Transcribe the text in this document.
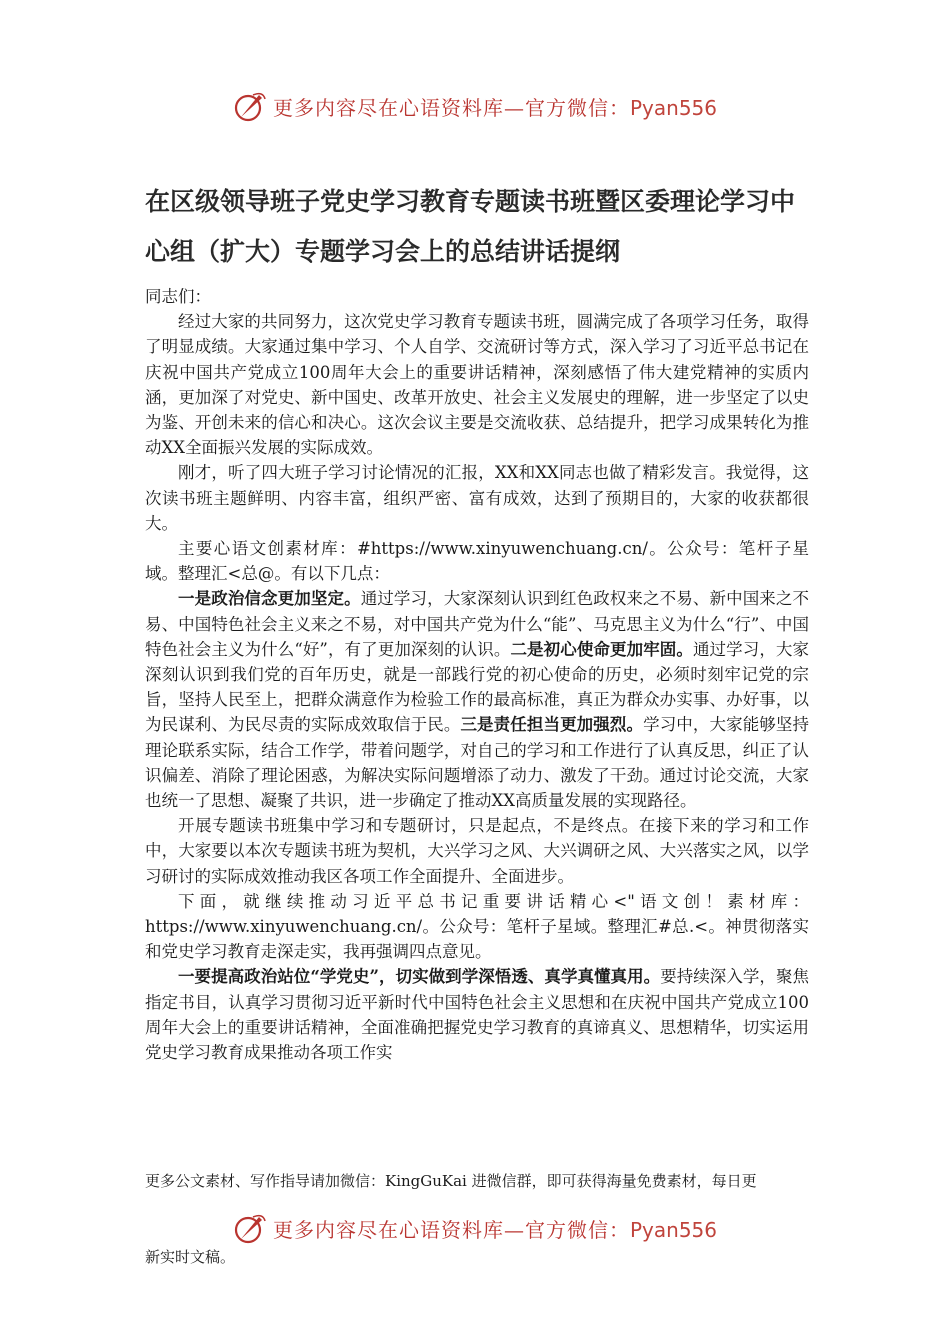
更多内容尽在心语资料库—官方微信：Pyan556
在区级领导班子党史学习教育专题读书班暨区委理论学习中心组（扩大）专题学习会上的总结讲话提纲

同志们：

经过大家的共同努力，这次党史学习教育专题读书班，圆满完成了各项学习任务，取得了明显成绩。大家通过集中学习、个人自学、交流研讨等方式，深入学习了习近平总书记在庆祝中国共产党成立100周年大会上的重要讲话精神，深刻感悟了伟大建党精神的实质内涵，更加深了对党史、新中国史、改革开放史、社会主义发展史的理解，进一步坚定了以史为鉴、开创未来的信心和决心。这次会议主要是交流收获、总结提升，把学习成果转化为推动XX全面振兴发展的实际成效。

刚才，听了四大班子学习讨论情况的汇报，XX和XX同志也做了精彩发言。我觉得，这次读书班主题鲜明、内容丰富，组织严密、富有成效，达到了预期目的，大家的收获都很大。

主要心语文创素材库：#https://www.xinyuwenchuang.cn/。公众号：笔杆子星域。整理汇<总@。有以下几点：

一是政治信念更加坚定。通过学习，大家深刻认识到红色政权来之不易、新中国来之不易、中国特色社会主义来之不易，对中国共产党为什么“能”、马克思主义为什么“行”、中国特色社会主义为什么“好”，有了更加深刻的认识。二是初心使命更加牢固。通过学习，大家深刻认识到我们党的百年历史，就是一部践行党的初心使命的历史，必须时刻牢记党的宗旨，坚持人民至上，把群众满意作为检验工作的最高标准，真正为群众办实事、办好事，以为民谋利、为民尽责的实际成效取信于民。三是责任担当更加强烈。学习中，大家能够坚持理论联系实际，结合工作学，带着问题学，对自己的学习和工作进行了认真反思，纠正了认识偏差、消除了理论困惑，为解决实际问题增添了动力、激发了干劲。通过讨论交流，大家也统一了思想、凝聚了共识，进一步确定了推动XX高质量发展的实现路径。

开展专题读书班集中学习和专题研讨，只是起点，不是终点。在接下来的学习和工作中，大家要以本次专题读书班为契机，大兴学习之风、大兴调研之风、大兴落实之风，以学习研讨的实际成效推动我区各项工作全面提升、全面进步。

下面，就继续推动习近平总书记重要讲话精心<"语文创！素材库：https://www.xinyuwenchuang.cn/。公众号：笔杆子星域。整理汇#总.<。神贯彻落实和党史学习教育走深走实，我再强调四点意见。

一要提高政治站位“学党史”，切实做到学深悟透、真学真懂真用。要持续深入学，聚焦指定书目，认真学习贯彻习近平新时代中国特色社会主义思想和在庆祝中国共产党成立100周年大会上的重要讲话精神，全面准确把握党史学习教育的真谛真义、思想精华，切实运用党史学习教育成果推动各项工作实

更多公文素材、写作指导请加微信：KingGuKai 进微信群，即可获得海量免费素材，每日更
更多内容尽在心语资料库—官方微信：Pyan556
新实时文稿。
